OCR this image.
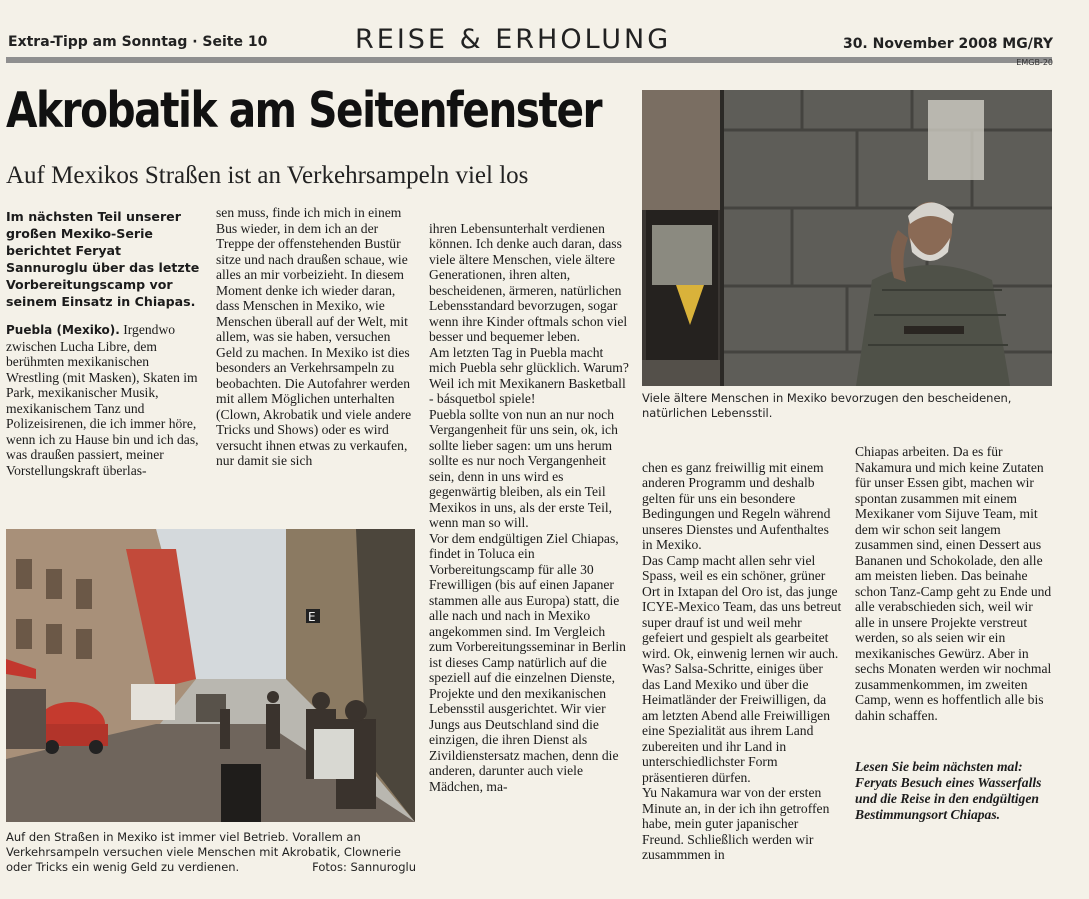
Extra-Tipp am Sonntag · Seite 10	REISE & ERHOLUNG	30. November 2008 MG/RY
EMGB-20
Akrobatik am Seitenfenster
Auf Mexikos Straßen ist an Verkehrsampeln viel los

Im nächsten Teil unserer großen Mexiko-Serie berichtet Feryat Sannuroglu über das letzte Vorbereitungscamp vor seinem Einsatz in Chiapas.

Puebla (Mexiko). Irgendwo zwischen Lucha Libre, dem berühmten mexikanischen Wrestling (mit Masken), Skaten im Park, mexikanischer Musik, mexikanischem Tanz und Polizeisirenen, die ich immer höre, wenn ich zu Hause bin und ich das, was draußen passiert, meiner Vorstellungskraft überlas-

sen muss, finde ich mich in einem Bus wieder, in dem ich an der Treppe der offenstehenden Bustür sitze und nach draußen schaue, wie alles an mir vorbeizieht. In diesem Moment denke ich wieder daran, dass Menschen in Mexiko, wie Menschen überall auf der Welt, mit allem, was sie haben, versuchen Geld zu machen. In Mexiko ist dies besonders an Verkehrsampeln zu beobachten. Die Autofahrer werden mit allem Möglichen unterhalten (Clown, Akrobatik und viele andere Tricks und Shows) oder es wird versucht ihnen etwas zu verkaufen, nur damit sie sich

ihren Lebensunterhalt verdienen können. Ich denke auch daran, dass viele ältere Menschen, viele ältere Generationen, ihren alten, bescheidenen, ärmeren, natürlichen Lebensstandard bevorzugen, sogar wenn ihre Kinder oftmals schon viel besser und bequemer leben.
Am letzten Tag in Puebla macht mich Puebla sehr glücklich. Warum? Weil ich mit Mexikanern Basketball - básquetbol spiele!
Puebla sollte von nun an nur noch Vergangenheit für uns sein, ok, ich sollte lieber sagen: um uns herum sollte es nur noch Vergangenheit sein, denn in uns wird es gegenwärtig bleiben, als ein Teil Mexikos in uns, als der erste Teil, wenn man so will.
Vor dem endgültigen Ziel Chiapas, findet in Toluca ein Vorbereitungscamp für alle 30 Frewilligen (bis auf einen Japaner stammen alle aus Europa) statt, die alle nach und nach in Mexiko angekommen sind. Im Vergleich zum Vorbereitungsseminar in Berlin ist dieses Camp natürlich auf die speziell auf die einzelnen Dienste, Projekte und den mexikanischen Lebensstil ausgerichtet. Wir vier Jungs aus Deutschland sind die einzigen, die ihren Dienst als Zivildienstersatz machen, denn die anderen, darunter auch viele Mädchen, ma-

chen es ganz freiwillig mit einem anderen Programm und deshalb gelten für uns ein besondere Bedingungen und Regeln während unseres Dienstes und Aufenthaltes in Mexiko.
Das Camp macht allen sehr viel Spass, weil es ein schöner, grüner Ort in Ixtapan del Oro ist, das junge ICYE-Mexico Team, das uns betreut super drauf ist und weil mehr gefeiert und gespielt als gearbeitet wird. Ok, einwenig lernen wir auch. Was? Salsa-Schritte, einiges über das Land Mexiko und über die Heimatländer der Freiwilligen, da am letzten Abend alle Freiwilligen eine Spezialität aus ihrem Land zubereiten und ihr Land in unterschiedlichster Form präsentieren dürfen.
Yu Nakamura war von der ersten Minute an, in der ich ihn getroffen habe, mein guter japanischer Freund. Schließlich werden wir zusammmen in

Chiapas arbeiten. Da es für Nakamura und mich keine Zutaten für unser Essen gibt, machen wir spontan zusammen mit einem Mexikaner vom Sijuve Team, mit dem wir schon seit langem zusammen sind, einen Dessert aus Bananen und Schokolade, den alle am meisten lieben. Das beinahe schon Tanz-Camp geht zu Ende und alle verabschieden sich, weil wir alle in unsere Projekte verstreut werden, so als seien wir ein mexikanisches Gewürz. Aber in sechs Monaten werden wir nochmal zusammenkommen, im zweiten Camp, wenn es hoffentlich alle bis dahin schaffen.

Lesen Sie beim nächsten mal: Feryats Besuch eines Wasserfalls und die Reise in den endgültigen Bestimmungsort Chiapas.

Viele ältere Menschen in Mexiko bevorzugen den bescheidenen, natürlichen Lebensstil.
E
Auf den Straßen in Mexiko ist immer viel Betrieb. Vorallem an Verkehrsampeln versuchen viele Menschen mit Akrobatik, Clownerie oder Tricks ein wenig Geld zu verdienen.	Fotos: Sannuroglu
